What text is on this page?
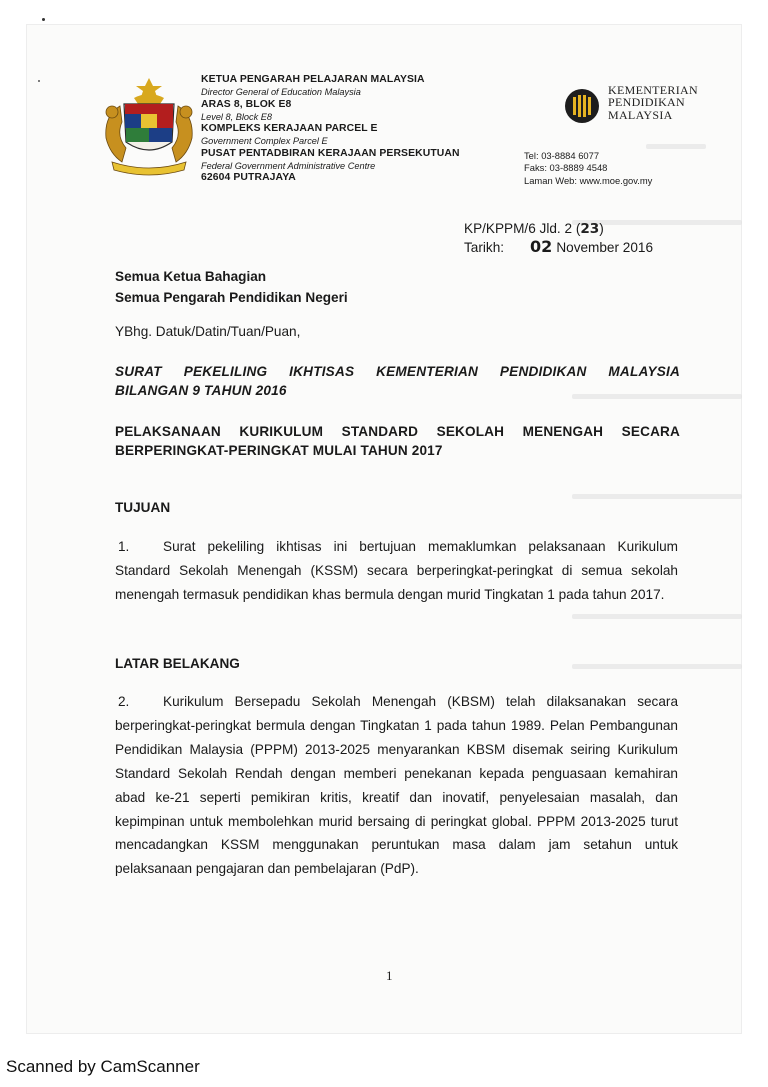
KETUA PENGARAH PELAJARAN MALAYSIA
Director General of Education Malaysia
ARAS 8, BLOK E8
Level 8, Block E8
KOMPLEKS KERAJAAN PARCEL E
Government Complex Parcel E
PUSAT PENTADBIRAN KERAJAAN PERSEKUTUAN
Federal Government Administrative Centre
62604 PUTRAJAYA
KEMENTERIAN
PENDIDIKAN
MALAYSIA
Tel: 03-8884 6077
Faks: 03-8889 4548
Laman Web: www.moe.gov.my
KP/KPPM/6 Jld. 2 (23)
Tarikh: 02 November 2016
Semua Ketua Bahagian
Semua Pengarah Pendidikan Negeri
YBhg. Datuk/Datin/Tuan/Puan,
SURAT PEKELILING IKHTISAS KEMENTERIAN PENDIDIKAN MALAYSIA
BILANGAN 9 TAHUN 2016
PELAKSANAAN KURIKULUM STANDARD SEKOLAH MENENGAH SECARA
BERPERINGKAT-PERINGKAT MULAI TAHUN 2017
TUJUAN
1. Surat pekeliling ikhtisas ini bertujuan memaklumkan pelaksanaan Kurikulum Standard Sekolah Menengah (KSSM) secara berperingkat-peringkat di semua sekolah menengah termasuk pendidikan khas bermula dengan murid Tingkatan 1 pada tahun 2017.
LATAR BELAKANG
2. Kurikulum Bersepadu Sekolah Menengah (KBSM) telah dilaksanakan secara berperingkat-peringkat bermula dengan Tingkatan 1 pada tahun 1989. Pelan Pembangunan Pendidikan Malaysia (PPPM) 2013-2025 menyarankan KBSM disemak seiring Kurikulum Standard Sekolah Rendah dengan memberi penekanan kepada penguasaan kemahiran abad ke-21 seperti pemikiran kritis, kreatif dan inovatif, penyelesaian masalah, dan kepimpinan untuk membolehkan murid bersaing di peringkat global. PPPM 2013-2025 turut mencadangkan KSSM menggunakan peruntukan masa dalam jam setahun untuk pelaksanaan pengajaran dan pembelajaran (PdP).
1
Scanned by CamScanner
